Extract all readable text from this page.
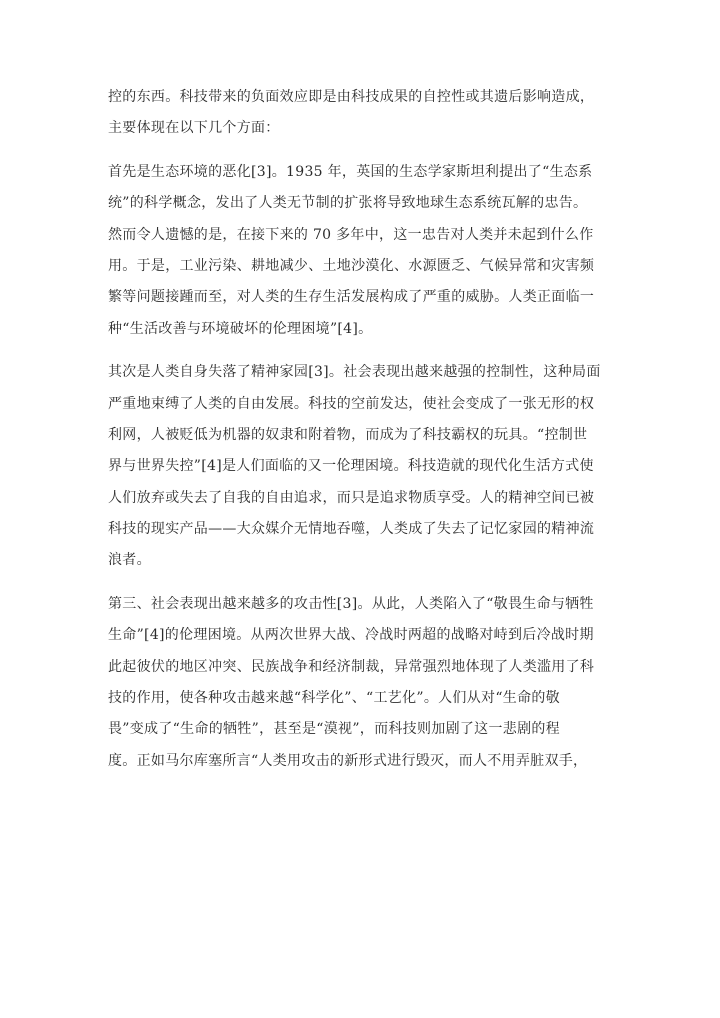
控的东西。科技带来的负面效应即是由科技成果的自控性或其遗后影响造成，
主要体现在以下几个方面：

首先是生态环境的恶化[3]。1935 年，英国的生态学家斯坦利提出了“生态系
统”的科学概念，发出了人类无节制的扩张将导致地球生态系统瓦解的忠告。
然而令人遗憾的是，在接下来的 70 多年中，这一忠告对人类并未起到什么作
用。于是，工业污染、耕地减少、土地沙漠化、水源匮乏、气候异常和灾害频
繁等问题接踵而至，对人类的生存生活发展构成了严重的威胁。人类正面临一
种“生活改善与环境破坏的伦理困境”[4]。

其次是人类自身失落了精神家园[3]。社会表现出越来越强的控制性，这种局面
严重地束缚了人类的自由发展。科技的空前发达，使社会变成了一张无形的权
利网，人被贬低为机器的奴隶和附着物，而成为了科技霸权的玩具。“控制世
界与世界失控”[4]是人们面临的又一伦理困境。科技造就的现代化生活方式使
人们放弃或失去了自我的自由追求，而只是追求物质享受。人的精神空间已被
科技的现实产品——大众媒介无情地吞噬，人类成了失去了记忆家园的精神流
浪者。

第三、社会表现出越来越多的攻击性[3]。从此，人类陷入了“敬畏生命与牺牲
生命”[4]的伦理困境。从两次世界大战、冷战时两超的战略对峙到后冷战时期
此起彼伏的地区冲突、民族战争和经济制裁，异常强烈地体现了人类滥用了科
技的作用，使各种攻击越来越“科学化”、“工艺化”。人们从对“生命的敬
畏”变成了“生命的牺牲”，甚至是“漠视”，而科技则加剧了这一悲剧的程
度。正如马尔库塞所言“人类用攻击的新形式进行毁灭，而人不用弄脏双手，
